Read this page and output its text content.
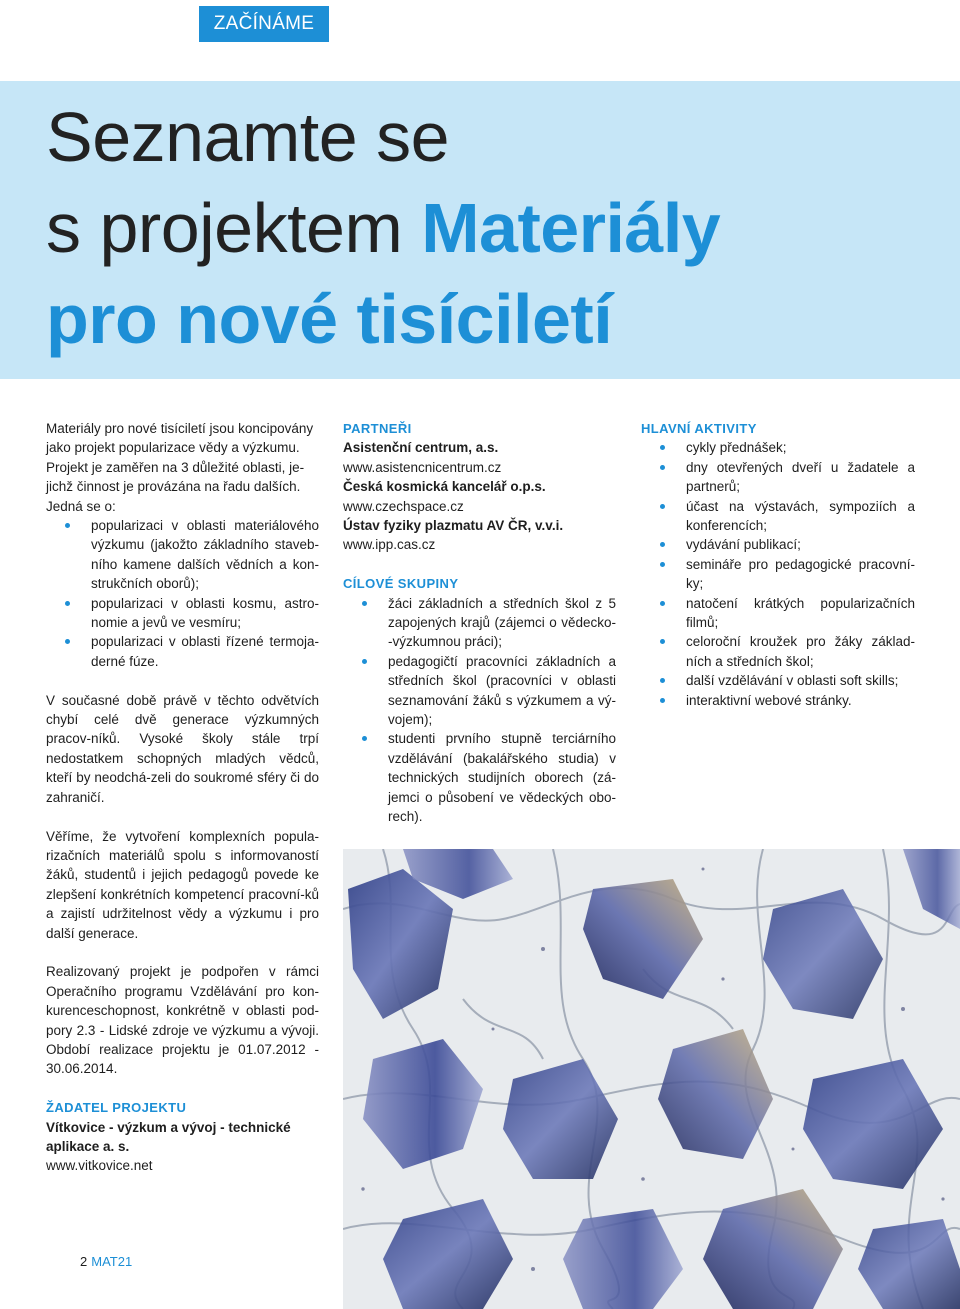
ZAČÍNÁME
Seznamte se
s projektem Materiály
pro nové tisíciletí
Materiály pro nové tisíciletí jsou koncipovány
jako projekt popularizace vědy a výzkumu.
Projekt je zaměřen na 3 důležité oblasti, je-
jichž činnost je provázána na řadu dalších.
Jedná se o:
popularizaci v oblasti materiálového výzkumu (jakožto základního staveb-ního kamene dalších vědních a kon-strukčních oborů);
popularizaci v oblasti kosmu, astro-nomie a jevů ve vesmíru;
popularizaci v oblasti řízené termoja-derné fúze.

V současné době právě v těchto odvětvích chybí celé dvě generace výzkumných pracov-níků. Vysoké školy stále trpí nedostatkem schopných mladých vědců, kteří by neodchá-zeli do soukromé sféry či do zahraničí.

Věříme, že vytvoření komplexních popula-rizačních materiálů spolu s informovaností žáků, studentů i jejich pedagogů povede ke zlepšení konkrétních kompetencí pracovní-ků a zajistí udržitelnost vědy a výzkumu i pro další generace.

Realizovaný projekt je podpořen v rámci Operačního programu Vzdělávání pro kon-kurenceschopnost, konkrétně v oblasti pod-pory 2.3 - Lidské zdroje ve výzkumu a vývoji. Období realizace projektu je 01.07.2012 - 30.06.2014.

ŽADATEL PROJEKTU
Vítkovice - výzkum a vývoj - technické aplikace a. s.
www.vitkovice.net
PARTNEŘI
Asistenční centrum, a.s.
www.asistencnicentrum.cz
Česká kosmická kancelář o.p.s.
www.czechspace.cz
Ústav fyziky plazmatu AV ČR, v.v.i.
www.ipp.cas.cz
CÍLOVÉ SKUPINY
žáci základních a středních škol z 5 zapojených krajů (zájemci o vědecko--výzkumnou práci);
pedagogičtí pracovníci základních a středních škol (pracovníci v oblasti seznamování žáků s výzkumem a vý-vojem);
studenti prvního stupně terciárního vzdělávání (bakalářského studia) v technických studijních oborech (zá-jemci o působení ve vědeckých obo-rech).
HLAVNÍ AKTIVITY
cykly přednášek;
dny otevřených dveří u žadatele a partnerů;
účast na výstavách, sympoziích a konferencích;
vydávání publikací;
semináře pro pedagogické pracovní-ky;
natočení krátkých popularizačních filmů;
celoroční kroužek pro žáky základ-ních a středních škol;
další vzdělávání v oblasti soft skills;
interaktivní webové stránky.
2 MAT21
